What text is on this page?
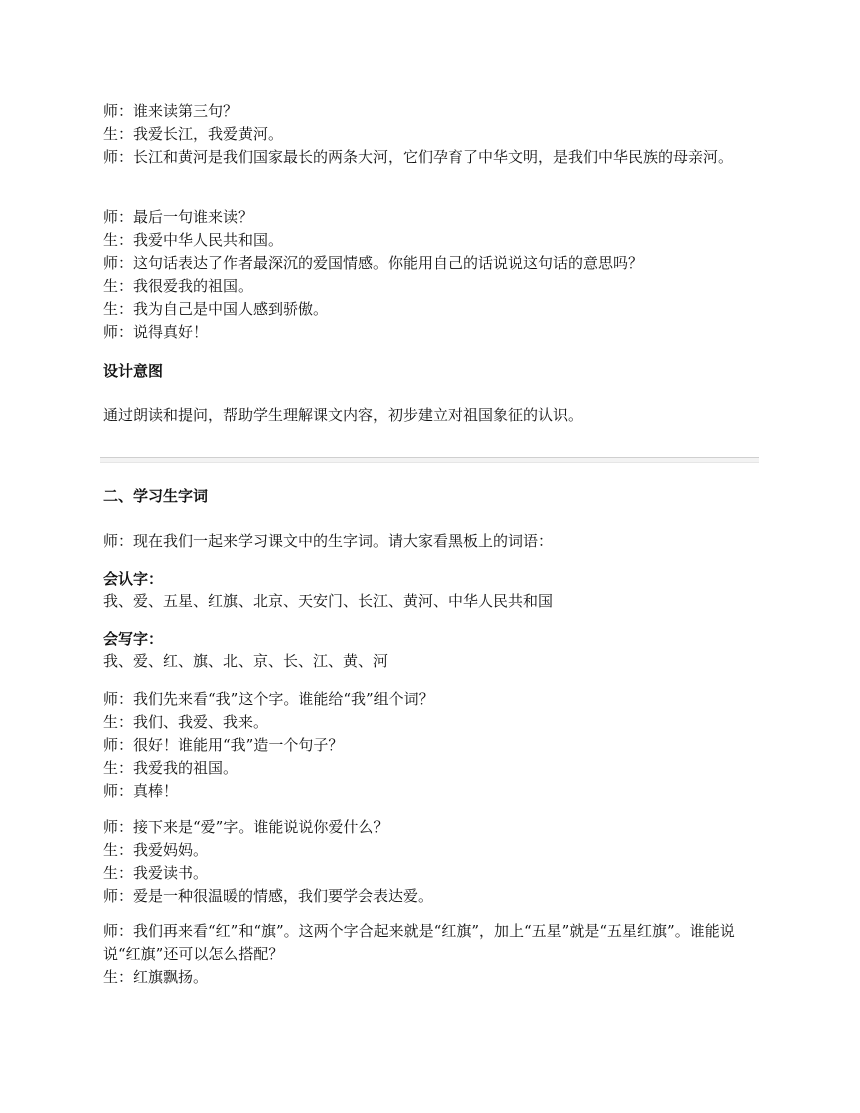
师：谁来读第三句？
生：我爱长江，我爱黄河。
师：长江和黄河是我们国家最长的两条大河，它们孕育了中华文明，是我们中华民族的母亲河。
师：最后一句谁来读？
生：我爱中华人民共和国。
师：这句话表达了作者最深沉的爱国情感。你能用自己的话说说这句话的意思吗？
生：我很爱我的祖国。
生：我为自己是中国人感到骄傲。
师：说得真好！
设计意图
通过朗读和提问，帮助学生理解课文内容，初步建立对祖国象征的认识。
二、学习生字词
师：现在我们一起来学习课文中的生字词。请大家看黑板上的词语：
会认字：
我、爱、五星、红旗、北京、天安门、长江、黄河、中华人民共和国
会写字：
我、爱、红、旗、北、京、长、江、黄、河
师：我们先来看“我”这个字。谁能给“我”组个词？
生：我们、我爱、我来。
师：很好！谁能用“我”造一个句子？
生：我爱我的祖国。
师：真棒！
师：接下来是“爱”字。谁能说说你爱什么？
生：我爱妈妈。
生：我爱读书。
师：爱是一种很温暖的情感，我们要学会表达爱。
师：我们再来看“红”和“旗”。这两个字合起来就是“红旗”，加上“五星”就是“五星红旗”。谁能说说“红旗”还可以怎么搭配？
生：红旗飘扬。
